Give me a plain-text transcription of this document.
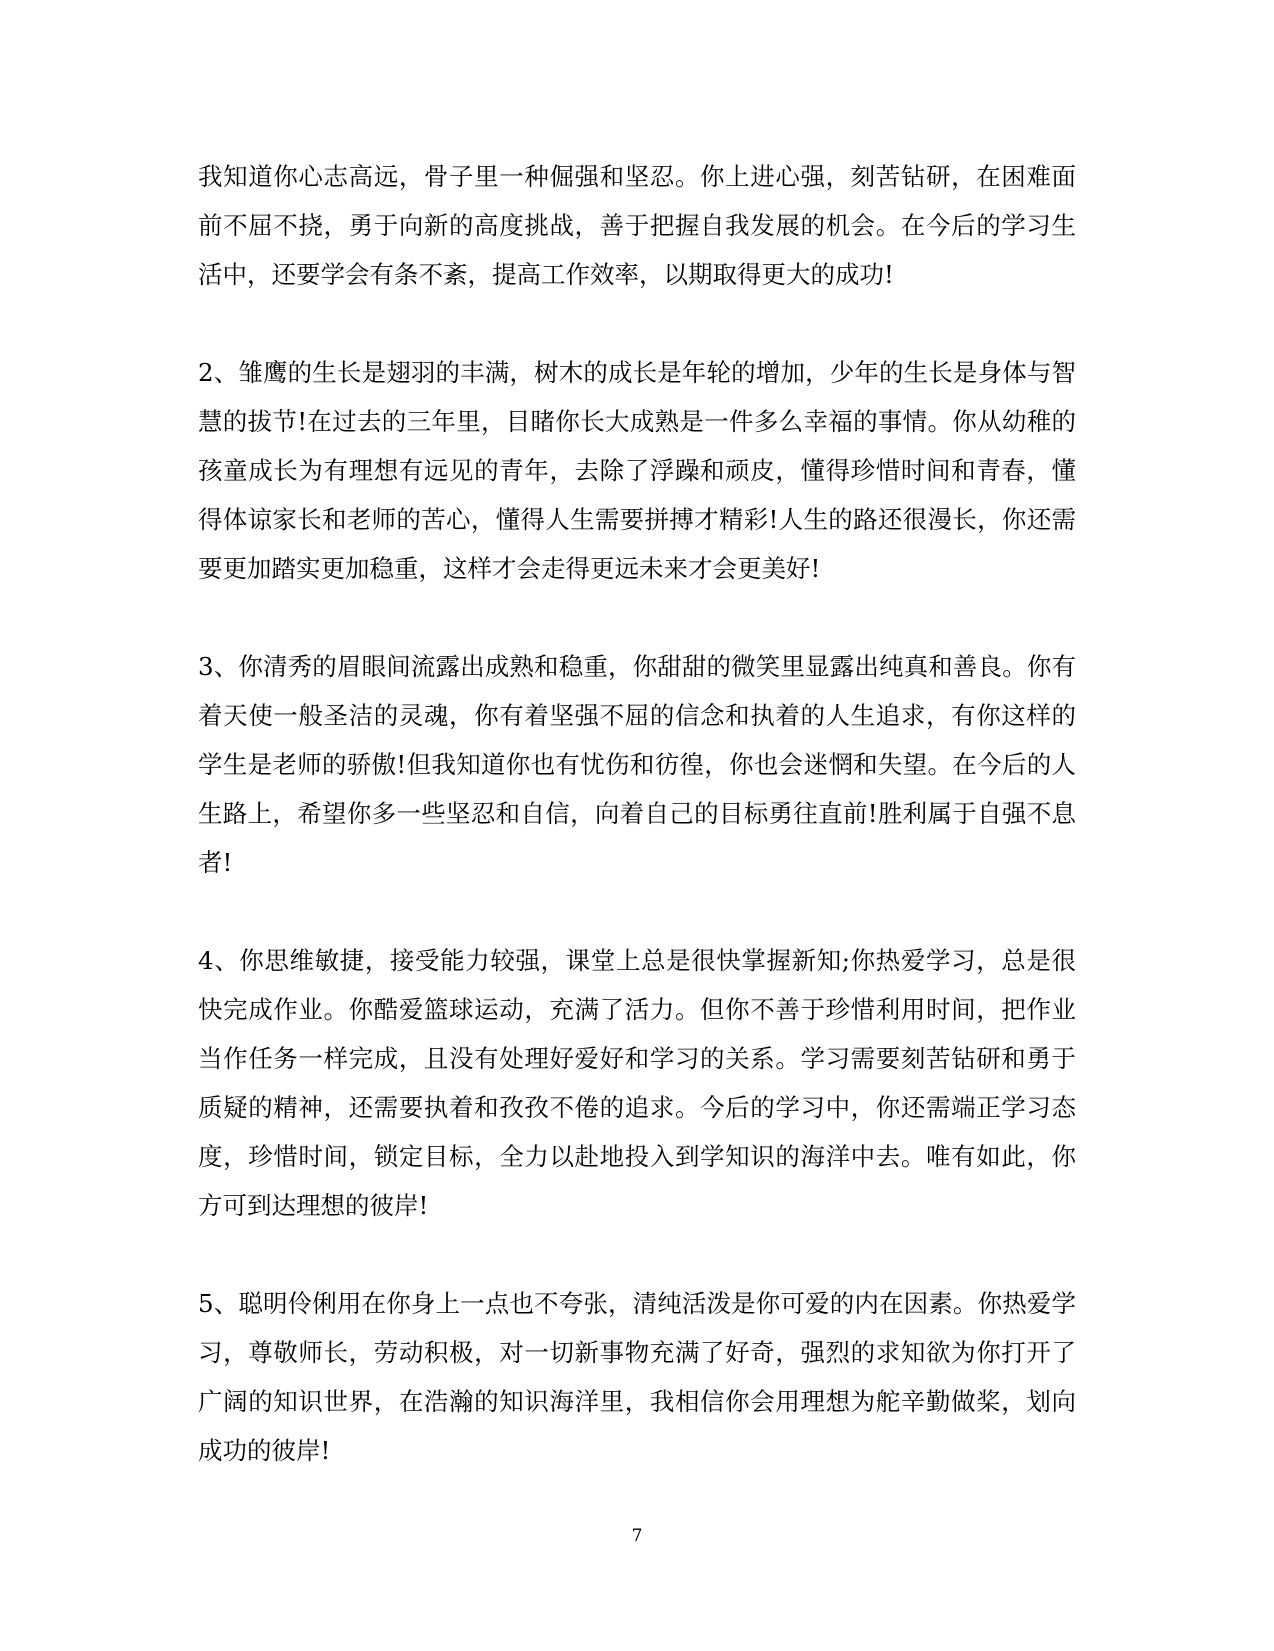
我知道你心志高远，骨子里一种倔强和坚忍。你上进心强，刻苦钻研，在困难面前不屈不挠，勇于向新的高度挑战，善于把握自我发展的机会。在今后的学习生活中，还要学会有条不紊，提高工作效率，以期取得更大的成功!

2、雏鹰的生长是翅羽的丰满，树木的成长是年轮的增加，少年的生长是身体与智慧的拔节!在过去的三年里，目睹你长大成熟是一件多么幸福的事情。你从幼稚的孩童成长为有理想有远见的青年，去除了浮躁和顽皮，懂得珍惜时间和青春，懂得体谅家长和老师的苦心，懂得人生需要拼搏才精彩!人生的路还很漫长，你还需要更加踏实更加稳重，这样才会走得更远未来才会更美好!

3、你清秀的眉眼间流露出成熟和稳重，你甜甜的微笑里显露出纯真和善良。你有着天使一般圣洁的灵魂，你有着坚强不屈的信念和执着的人生追求，有你这样的学生是老师的骄傲!但我知道你也有忧伤和彷徨，你也会迷惘和失望。在今后的人生路上，希望你多一些坚忍和自信，向着自己的目标勇往直前!胜利属于自强不息者!

4、你思维敏捷，接受能力较强，课堂上总是很快掌握新知;你热爱学习，总是很快完成作业。你酷爱篮球运动，充满了活力。但你不善于珍惜利用时间，把作业当作任务一样完成，且没有处理好爱好和学习的关系。学习需要刻苦钻研和勇于质疑的精神，还需要执着和孜孜不倦的追求。今后的学习中，你还需端正学习态度，珍惜时间，锁定目标，全力以赴地投入到学知识的海洋中去。唯有如此，你方可到达理想的彼岸!

5、聪明伶俐用在你身上一点也不夸张，清纯活泼是你可爱的内在因素。你热爱学习，尊敬师长，劳动积极，对一切新事物充满了好奇，强烈的求知欲为你打开了广阔的知识世界，在浩瀚的知识海洋里，我相信你会用理想为舵辛勤做桨，划向成功的彼岸!

7
